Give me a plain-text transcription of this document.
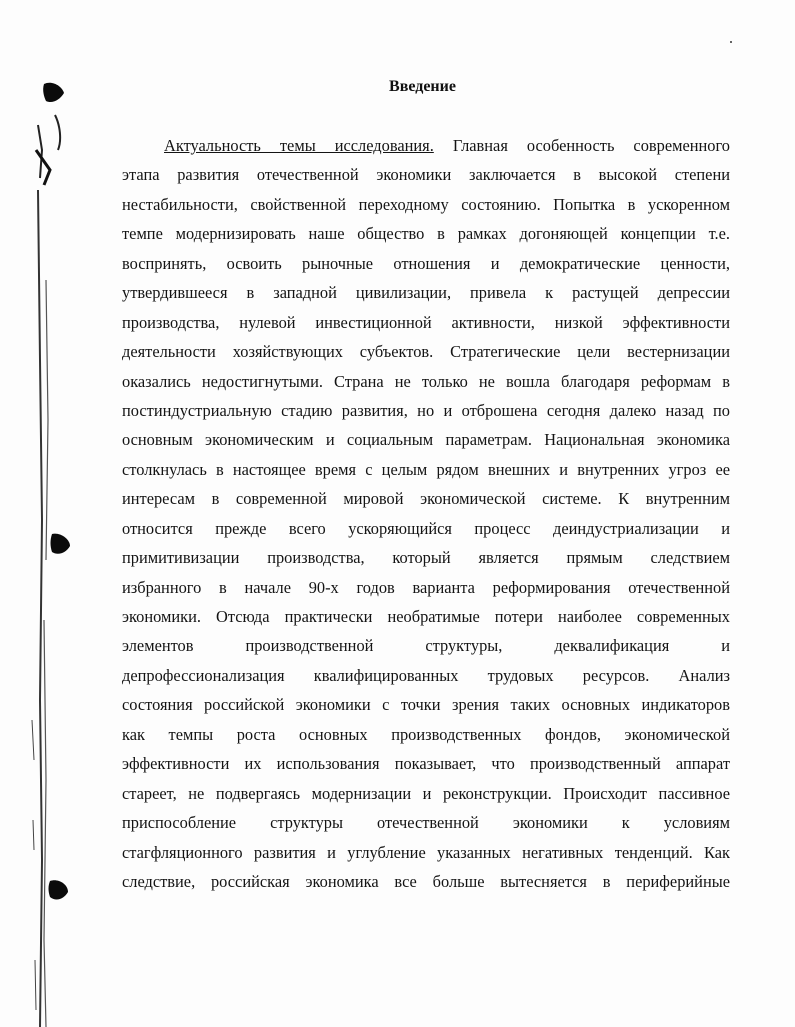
Введение
Актуальность темы исследования. Главная особенность современного
этапа развития отечественной экономики заключается в высокой степени
нестабильности, свойственной переходному состоянию. Попытка в ускоренном
темпе модернизировать наше общество в рамках догоняющей концепции т.е.
воспринять, освоить рыночные отношения и демократические ценности,
утвердившееся в западной цивилизации, привела к растущей депрессии
производства, нулевой инвестиционной активности, низкой эффективности
деятельности хозяйствующих субъектов. Стратегические цели вестернизации
оказались недостигнутыми. Страна не только не вошла благодаря реформам в
постиндустриальную стадию развития, но и отброшена сегодня далеко назад по
основным экономическим и социальным параметрам. Национальная экономика
столкнулась в настоящее время с целым рядом внешних и внутренних угроз ее
интересам в современной мировой экономической системе. К внутренним
относится прежде всего ускоряющийся процесс деиндустриализации и
примитивизации производства, который является прямым следствием
избранного в начале 90-х годов варианта реформирования отечественной
экономики. Отсюда практически необратимые потери наиболее современных
элементов производственной структуры, деквалификация и
депрофессионализация квалифицированных трудовых ресурсов. Анализ
состояния российской экономики с точки зрения таких основных индикаторов
как темпы роста основных производственных фондов, экономической
эффективности их использования показывает, что производственный аппарат
стареет, не подвергаясь модернизации и реконструкции. Происходит пассивное
приспособление структуры отечественной экономики к условиям
стагфляционного развития и углубление указанных негативных тенденций. Как
следствие, российская экономика все больше вытесняется в периферийные
